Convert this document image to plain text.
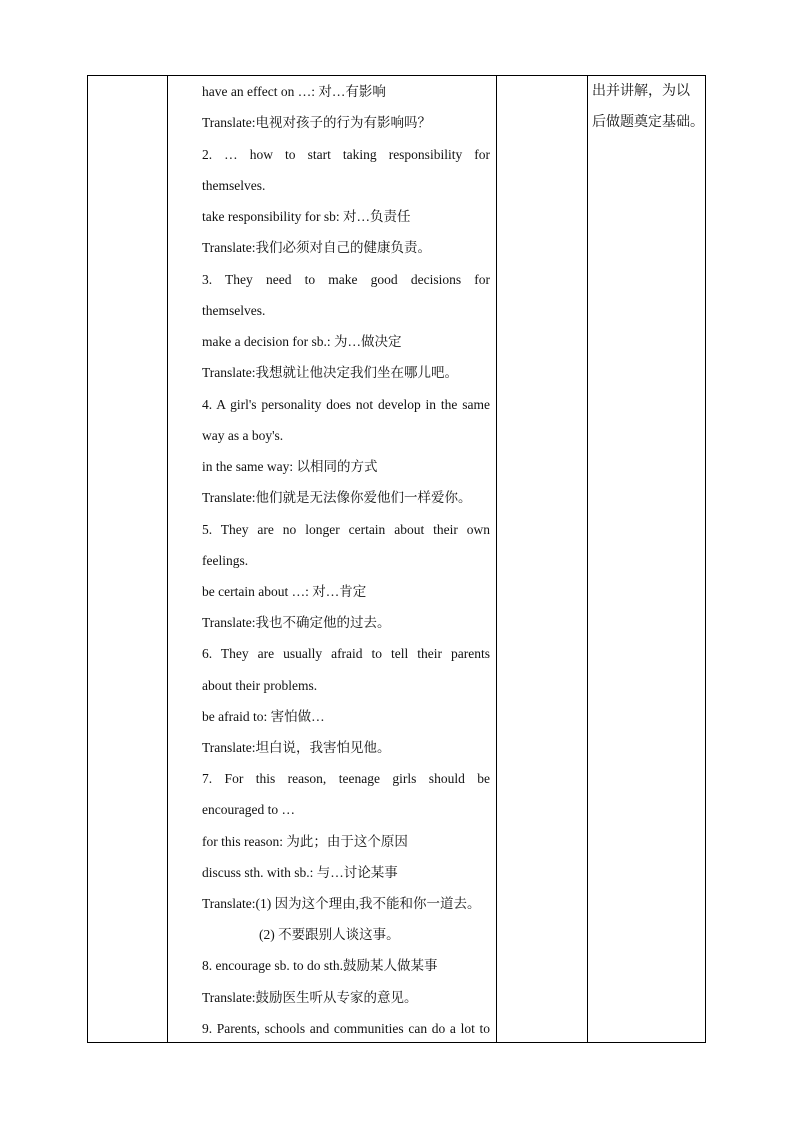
have an effect on …: 对…有影响
Translate:电视对孩子的行为有影响吗？
2. … how to start taking responsibility for
themselves.
take responsibility for sb: 对…负责任
Translate:我们必须对自己的健康负责。
3. They need to make good decisions for
themselves.
make a decision for sb.: 为…做决定
Translate:我想就让他决定我们坐在哪儿吧。
4. A girl's personality does not develop in the same
way as a boy's.
in the same way: 以相同的方式
Translate:他们就是无法像你爱他们一样爱你。
5. They are no longer certain about their own
feelings.
be certain about …: 对…肯定
Translate:我也不确定他的过去。
6. They are usually afraid to tell their parents
about their problems.
be afraid to: 害怕做…
Translate:坦白说，我害怕见他。
7. For this reason, teenage girls should be
encouraged to …
for this reason: 为此；由于这个原因
discuss sth. with sb.: 与…讨论某事
Translate:(1) 因为这个理由,我不能和你一道去。
(2) 不要跟别人谈这事。
8. encourage sb. to do sth.鼓励某人做某事
Translate:鼓励医生听从专家的意见。
9. Parents, schools and communities can do a lot to
出并讲解，为以
后做题奠定基础。
